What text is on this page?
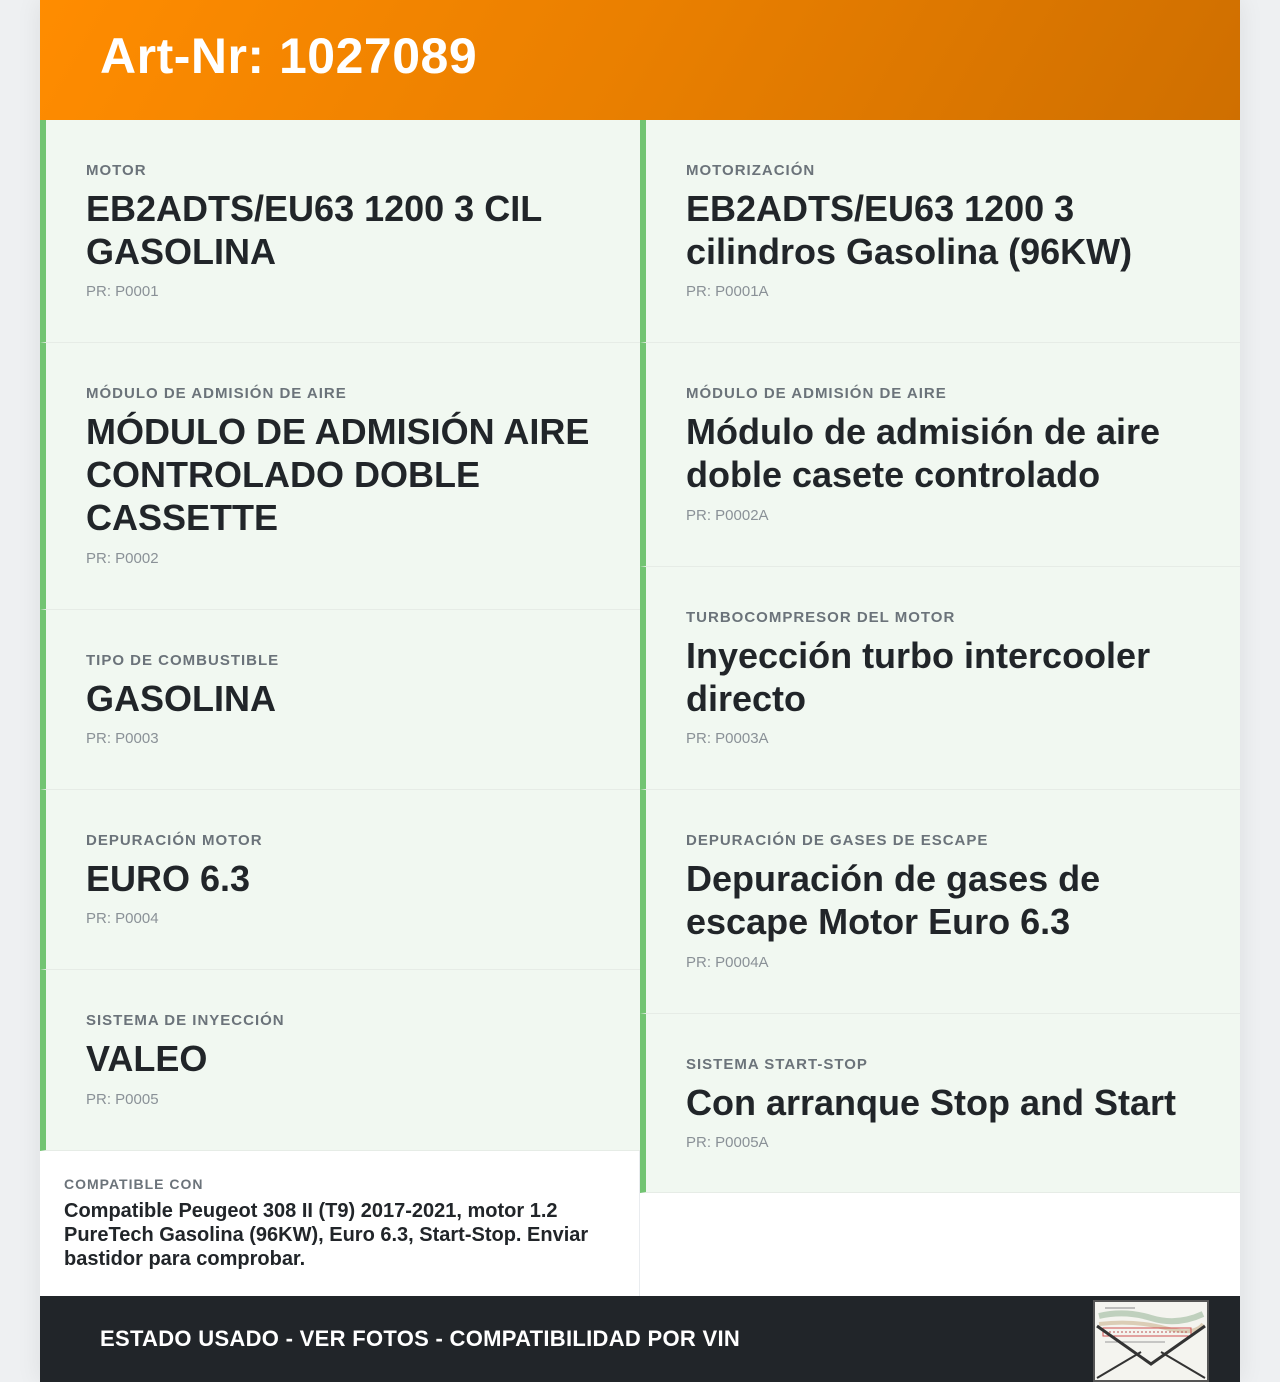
Art-Nr: 1027089
MOTOR
EB2ADTS/EU63 1200 3 CIL GASOLINA
PR: P0001
MÓDULO DE ADMISIÓN DE AIRE
MÓDULO DE ADMISIÓN AIRE CONTROLADO DOBLE CASSETTE
PR: P0002
TIPO DE COMBUSTIBLE
GASOLINA
PR: P0003
DEPURACIÓN MOTOR
EURO 6.3
PR: P0004
SISTEMA DE INYECCIÓN
VALEO
PR: P0005
MOTORIZACIÓN
EB2ADTS/EU63 1200 3 cilindros Gasolina (96KW)
PR: P0001A
MÓDULO DE ADMISIÓN DE AIRE
Módulo de admisión de aire doble casete controlado
PR: P0002A
TURBOCOMPRESOR DEL MOTOR
Inyección turbo intercooler directo
PR: P0003A
DEPURACIÓN DE GASES DE ESCAPE
Depuración de gases de escape Motor Euro 6.3
PR: P0004A
SISTEMA START-STOP
Con arranque Stop and Start
PR: P0005A
COMPATIBLE CON
Compatible Peugeot 308 II (T9) 2017-2021, motor 1.2 PureTech Gasolina (96KW), Euro 6.3, Start-Stop. Enviar bastidor para comprobar.
ESTADO USADO - VER FOTOS - COMPATIBILIDAD POR VIN
